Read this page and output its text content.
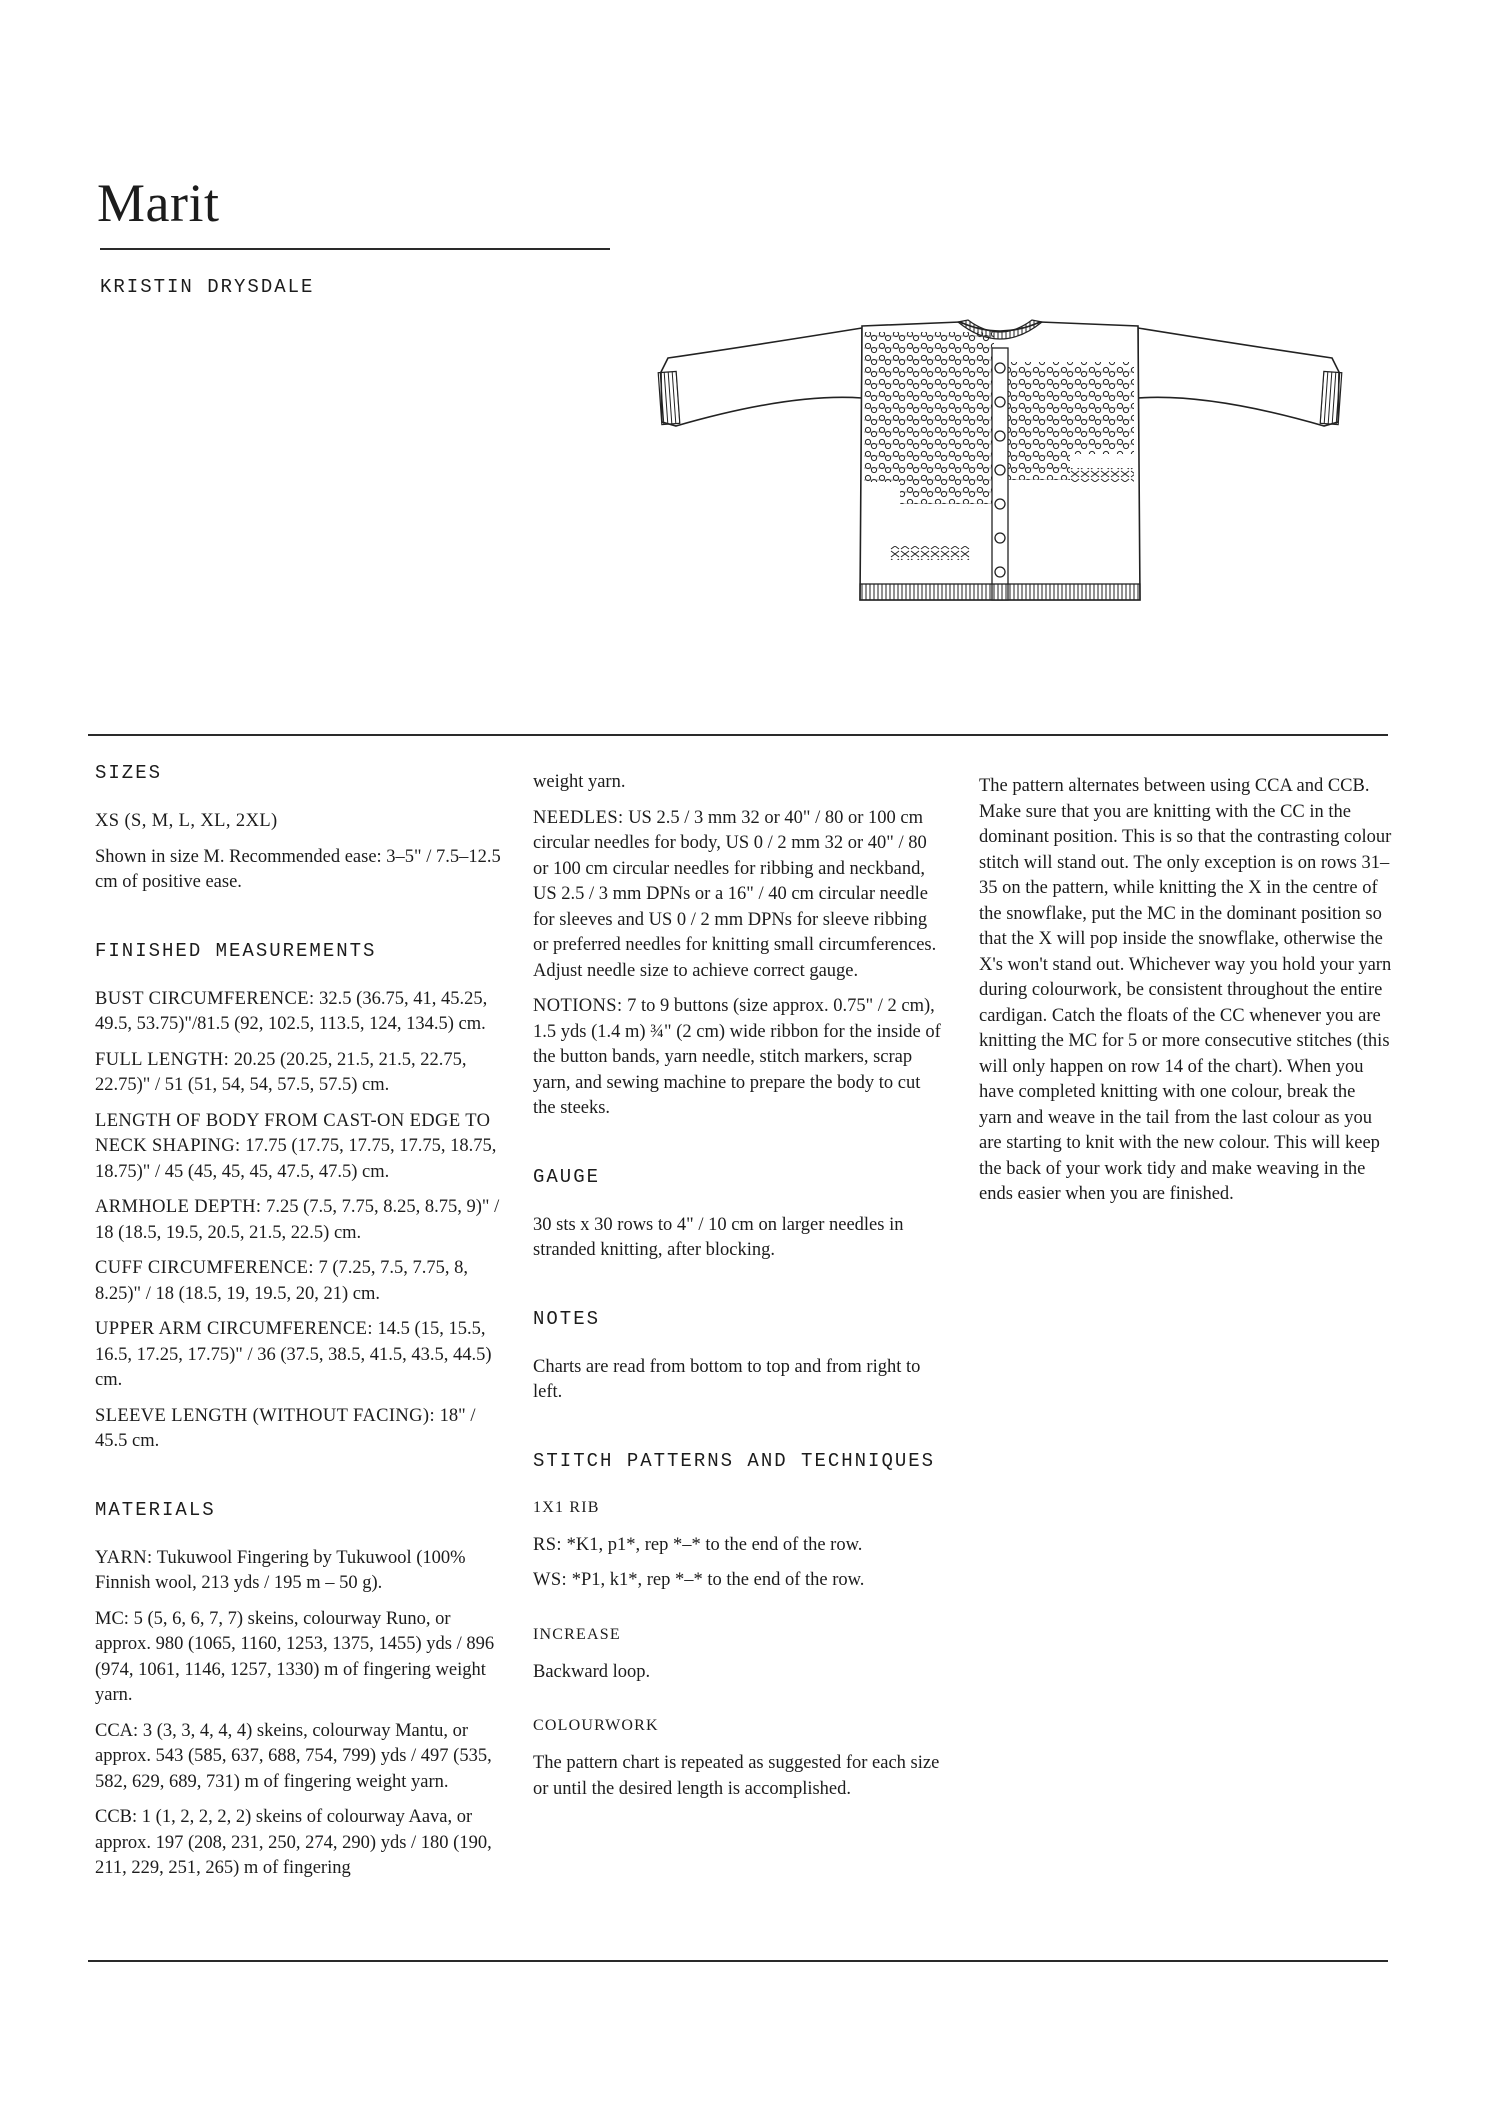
Marit
KRISTIN DRYSDALE
SIZES

XS (S, M, L, XL, 2XL)

Shown in size M. Recommended ease: 3–5" / 7.5–12.5 cm of positive ease.

FINISHED MEASUREMENTS

BUST CIRCUMFERENCE: 32.5 (36.75, 41, 45.25, 49.5, 53.75)"/81.5 (92, 102.5, 113.5, 124, 134.5) cm.

FULL LENGTH: 20.25 (20.25, 21.5, 21.5, 22.75, 22.75)" / 51 (51, 54, 54, 57.5, 57.5) cm.

LENGTH OF BODY FROM CAST-ON EDGE TO NECK SHAPING: 17.75 (17.75, 17.75, 17.75, 18.75, 18.75)" / 45 (45, 45, 45, 47.5, 47.5) cm.

ARMHOLE DEPTH: 7.25 (7.5, 7.75, 8.25, 8.75, 9)" / 18 (18.5, 19.5, 20.5, 21.5, 22.5) cm.

CUFF CIRCUMFERENCE: 7 (7.25, 7.5, 7.75, 8, 8.25)" / 18 (18.5, 19, 19.5, 20, 21) cm.

UPPER ARM CIRCUMFERENCE: 14.5 (15, 15.5, 16.5, 17.25, 17.75)" / 36 (37.5, 38.5, 41.5, 43.5, 44.5) cm.

SLEEVE LENGTH (WITHOUT FACING): 18" / 45.5 cm.

MATERIALS

YARN: Tukuwool Fingering by Tukuwool (100% Finnish wool, 213 yds / 195 m – 50 g).

MC: 5 (5, 6, 6, 7, 7) skeins, colourway Runo, or approx. 980 (1065, 1160, 1253, 1375, 1455) yds / 896 (974, 1061, 1146, 1257, 1330) m of fingering weight yarn.

CCA: 3 (3, 3, 4, 4, 4) skeins, colourway Mantu, or approx. 543 (585, 637, 688, 754, 799) yds / 497 (535, 582, 629, 689, 731) m of fingering weight yarn.

CCB: 1 (1, 2, 2, 2, 2) skeins of colourway Aava, or approx. 197 (208, 231, 250, 274, 290) yds / 180 (190, 211, 229, 251, 265) m of fingering

weight yarn.

NEEDLES: US 2.5 / 3 mm 32 or 40" / 80 or 100 cm circular needles for body, US 0 / 2 mm 32 or 40" / 80 or 100 cm circular needles for ribbing and neckband, US 2.5 / 3 mm DPNs or a 16" / 40 cm circular needle for sleeves and US 0 / 2 mm DPNs for sleeve ribbing or preferred needles for knitting small circumferences. Adjust needle size to achieve correct gauge.

NOTIONS: 7 to 9 buttons (size approx. 0.75" / 2 cm), 1.5 yds (1.4 m) ¾" (2 cm) wide ribbon for the inside of the button bands, yarn needle, stitch markers, scrap yarn, and sewing machine to prepare the body to cut the steeks.

GAUGE

30 sts x 30 rows to 4" / 10 cm on larger needles in stranded knitting, after blocking.

NOTES

Charts are read from bottom to top and from right to left.

STITCH PATTERNS AND TECHNIQUES
1X1 RIB

RS: *K1, p1*, rep *–* to the end of the row.

WS: *P1, k1*, rep *–* to the end of the row.

INCREASE

Backward loop.

COLOURWORK

The pattern chart is repeated as suggested for each size or until the desired length is accomplished.

The pattern alternates between using CCA and CCB. Make sure that you are knitting with the CC in the dominant position. This is so that the contrasting colour stitch will stand out. The only exception is on rows 31–35 on the pattern, while knitting the X in the centre of the snowflake, put the MC in the dominant position so that the X will pop inside the snowflake, otherwise the X's won't stand out. Whichever way you hold your yarn during colourwork, be consistent throughout the entire cardigan. Catch the floats of the CC whenever you are knitting the MC for 5 or more consecutive stitches (this will only happen on row 14 of the chart). When you have completed knitting with one colour, break the yarn and weave in the tail from the last colour as you are starting to knit with the new colour. This will keep the back of your work tidy and make weaving in the ends easier when you are finished.
